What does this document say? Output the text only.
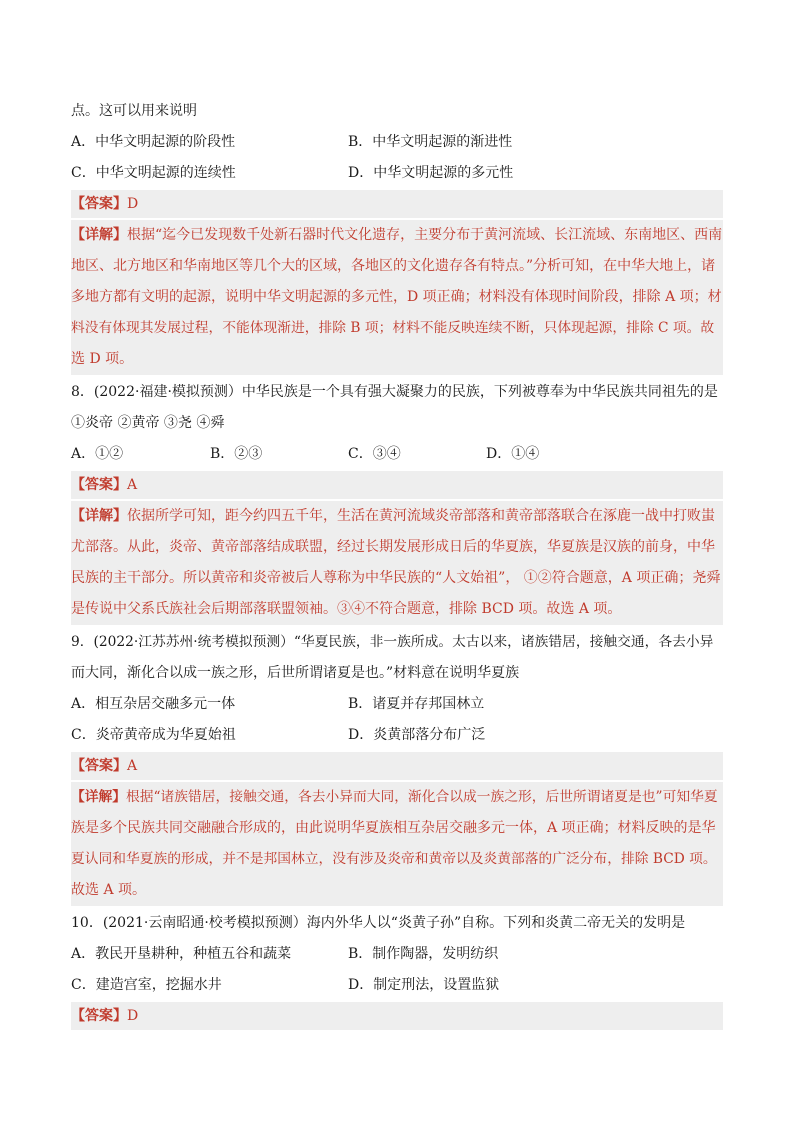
点。这可以用来说明
A．中华文明起源的阶段性	B．中华文明起源的渐进性
C．中华文明起源的连续性	D．中华文明起源的多元性
【答案】D
【详解】根据“迄今已发现数千处新石器时代文化遗存，主要分布于黄河流域、长江流域、东南地区、西南
地区、北方地区和华南地区等几个大的区域，各地区的文化遗存各有特点。”分析可知，在中华大地上，诸
多地方都有文明的起源，说明中华文明起源的多元性，D 项正确；材料没有体现时间阶段，排除 A 项；材
料没有体现其发展过程，不能体现渐进，排除 B 项；材料不能反映连续不断，只体现起源，排除 C 项。故
选 D 项。
8．(2022·福建·模拟预测）中华民族是一个具有强大凝聚力的民族，下列被尊奉为中华民族共同祖先的是
①炎帝 ②黄帝 ③尧 ④舜
A．①②	B．②③	C．③④	D．①④
【答案】A
【详解】依据所学可知，距今约四五千年，生活在黄河流域炎帝部落和黄帝部落联合在涿鹿一战中打败蚩
尤部落。从此，炎帝、黄帝部落结成联盟，经过长期发展形成日后的华夏族，华夏族是汉族的前身，中华
民族的主干部分。所以黄帝和炎帝被后人尊称为中华民族的“人文始祖”， ①②符合题意，A 项正确；尧舜
是传说中父系氏族社会后期部落联盟领袖。③④不符合题意，排除 BCD 项。故选 A 项。
9．(2022·江苏苏州·统考模拟预测）“华夏民族，非一族所成。太古以来，诸族错居，接触交通，各去小异
而大同，渐化合以成一族之形，后世所谓诸夏是也。”材料意在说明华夏族
A．相互杂居交融多元一体	B．诸夏并存邦国林立
C．炎帝黄帝成为华夏始祖	D．炎黄部落分布广泛
【答案】A
【详解】根据“诸族错居，接触交通，各去小异而大同，渐化合以成一族之形，后世所谓诸夏是也”可知华夏
族是多个民族共同交融融合形成的，由此说明华夏族相互杂居交融多元一体，A 项正确；材料反映的是华
夏认同和华夏族的形成，并不是邦国林立，没有涉及炎帝和黄帝以及炎黄部落的广泛分布，排除 BCD 项。
故选 A 项。
10．(2021·云南昭通·校考模拟预测）海内外华人以“炎黄子孙”自称。下列和炎黄二帝无关的发明是
A．教民开垦耕种，种植五谷和蔬菜	B．制作陶器，发明纺织
C．建造宫室，挖掘水井	D．制定刑法，设置监狱
【答案】D
